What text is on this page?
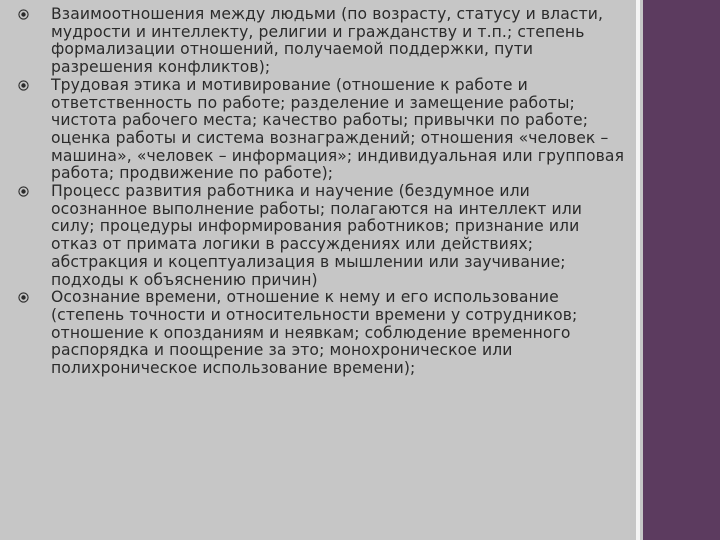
Взаимоотношения между людьми (по возрасту, статусу и власти, мудрости и интеллекту, религии и гражданству и т.п.; степень формализации отношений, получаемой поддержки, пути разрешения конфликтов);
Трудовая этика и мотивирование (отношение к работе и ответственность по работе; разделение и замещение работы; чистота рабочего места; качество работы; привычки по работе; оценка работы и система вознаграждений; отношения «человек – машина», «человек – информация»; индивидуальная или групповая работа; продвижение по работе);
Процесс развития работника и научение (бездумное или осознанное выполнение работы; полагаются на интеллект или силу; процедуры информирования работников; признание или отказ от примата логики в рассуждениях или действиях; абстракция и коцептуализация в мышлении или заучивание; подходы к объяснению причин)
Осознание времени, отношение к нему и его использование (степень точности и относительности времени у сотрудников; отношение к опозданиям и неявкам; соблюдение временного распорядка и поощрение за это; монохроническое или полихроническое использование времени);
